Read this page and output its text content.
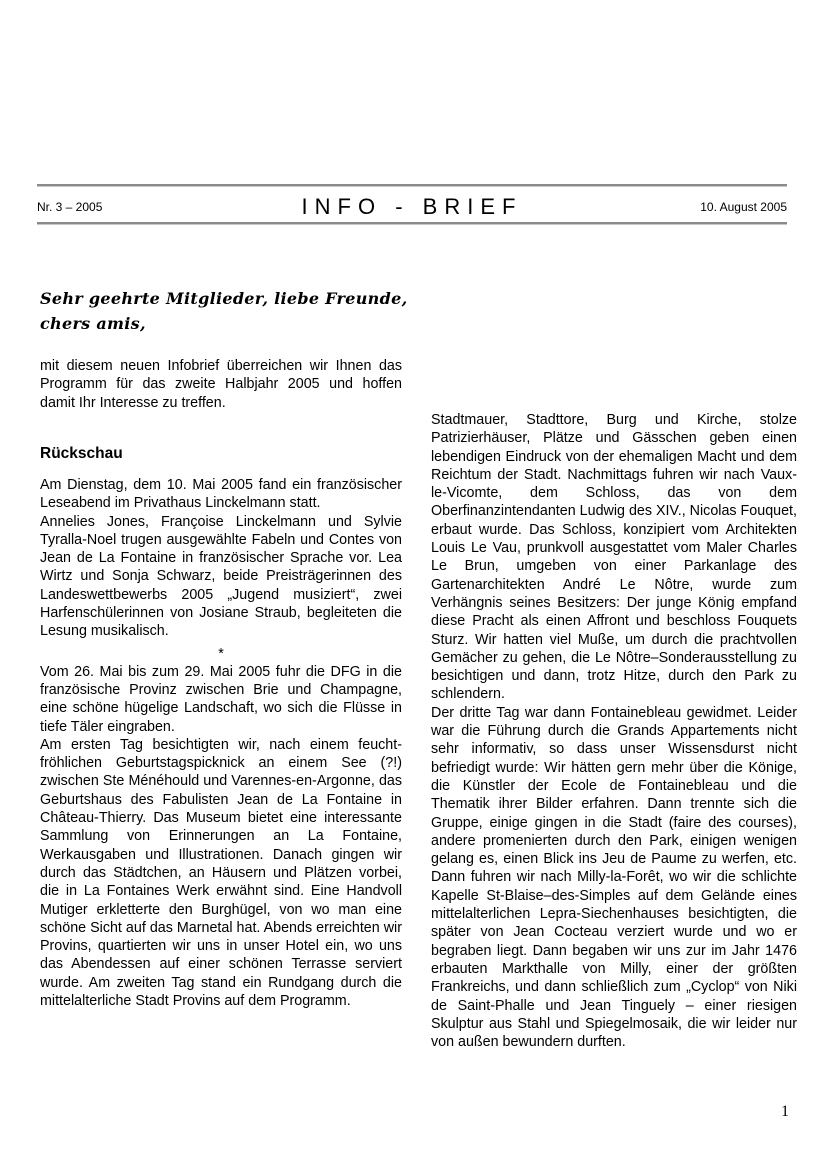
Nr. 3 – 2005	INFO - BRIEF	10. August 2005
Sehr geehrte Mitglieder, liebe Freunde,
chers amis,

mit diesem neuen Infobrief überreichen wir Ihnen das Programm für das zweite Halbjahr 2005 und hoffen damit Ihr Interesse zu treffen.

Rückschau

Am Dienstag, dem 10. Mai 2005 fand ein französischer Leseabend im Privathaus Linckelmann statt.

Annelies Jones, Françoise Linckelmann und Sylvie Tyralla-Noel trugen ausgewählte Fabeln und Contes von Jean de La Fontaine in französischer Sprache vor. Lea Wirtz und Sonja Schwarz, beide Preisträgerinnen des Landeswettbewerbs 2005 „Jugend musiziert“, zwei Harfenschülerinnen von Josiane Straub, begleiteten die Lesung musikalisch.

*

Vom 26. Mai bis zum 29. Mai 2005 fuhr die DFG in die französische Provinz zwischen Brie und Champagne, eine schöne hügelige Landschaft, wo sich die Flüsse in tiefe Täler eingraben.

Am ersten Tag besichtigten wir, nach einem feucht-fröhlichen Geburtstagspicknick an einem See (?!) zwischen Ste Ménéhould und Varennes-en-Argonne, das Geburtshaus des Fabulisten Jean de La Fontaine in Château-Thierry. Das Museum bietet eine interessante Sammlung von Erinnerungen an La Fontaine, Werkausgaben und Illustrationen. Danach gingen wir durch das Städtchen, an Häusern und Plätzen vorbei, die in La Fontaines Werk erwähnt sind. Eine Handvoll Mutiger erkletterte den Burghügel, von wo man eine schöne Sicht auf das Marnetal hat. Abends erreichten wir Provins, quartierten wir uns in unser Hotel ein, wo uns das Abendessen auf einer schönen Terrasse serviert wurde. Am zweiten Tag stand ein Rundgang durch die mittelalterliche Stadt Provins auf dem Programm.

Stadtmauer, Stadttore, Burg und Kirche, stolze Patrizierhäuser, Plätze und Gässchen geben einen lebendigen Eindruck von der ehemaligen Macht und dem Reichtum der Stadt. Nachmittags fuhren wir nach Vaux-le-Vicomte, dem Schloss, das von dem Oberfinanzintendanten Ludwig des XIV., Nicolas Fouquet, erbaut wurde. Das Schloss, konzipiert vom Architekten Louis Le Vau, prunkvoll ausgestattet vom Maler Charles Le Brun, umgeben von einer Parkanlage des Gartenarchitekten André Le Nôtre, wurde zum Verhängnis seines Besitzers: Der junge König empfand diese Pracht als einen Affront und beschloss Fouquets Sturz. Wir hatten viel Muße, um durch die prachtvollen Gemächer zu gehen, die Le Nôtre–Sonderausstellung zu besichtigen und dann, trotz Hitze, durch den Park zu schlendern.

Der dritte Tag war dann Fontainebleau gewidmet. Leider war die Führung durch die Grands Appartements nicht sehr informativ, so dass unser Wissensdurst nicht befriedigt wurde: Wir hätten gern mehr über die Könige, die Künstler der Ecole de Fontainebleau und die Thematik ihrer Bilder erfahren. Dann trennte sich die Gruppe, einige gingen in die Stadt (faire des courses), andere promenierten durch den Park, einigen wenigen gelang es, einen Blick ins Jeu de Paume zu werfen, etc. Dann fuhren wir nach Milly-la-Forêt, wo wir die schlichte Kapelle St-Blaise–des-Simples auf dem Gelände eines mittelalterlichen Lepra-Siechenhauses besichtigten, die später von Jean Cocteau verziert wurde und wo er begraben liegt. Dann begaben wir uns zur im Jahr 1476 erbauten Markthalle von Milly, einer der größten Frankreichs, und dann schließlich zum „Cyclop“ von Niki de Saint-Phalle und Jean Tinguely – einer riesigen Skulptur aus Stahl und Spiegelmosaik, die wir leider nur von außen bewundern durften.

1
